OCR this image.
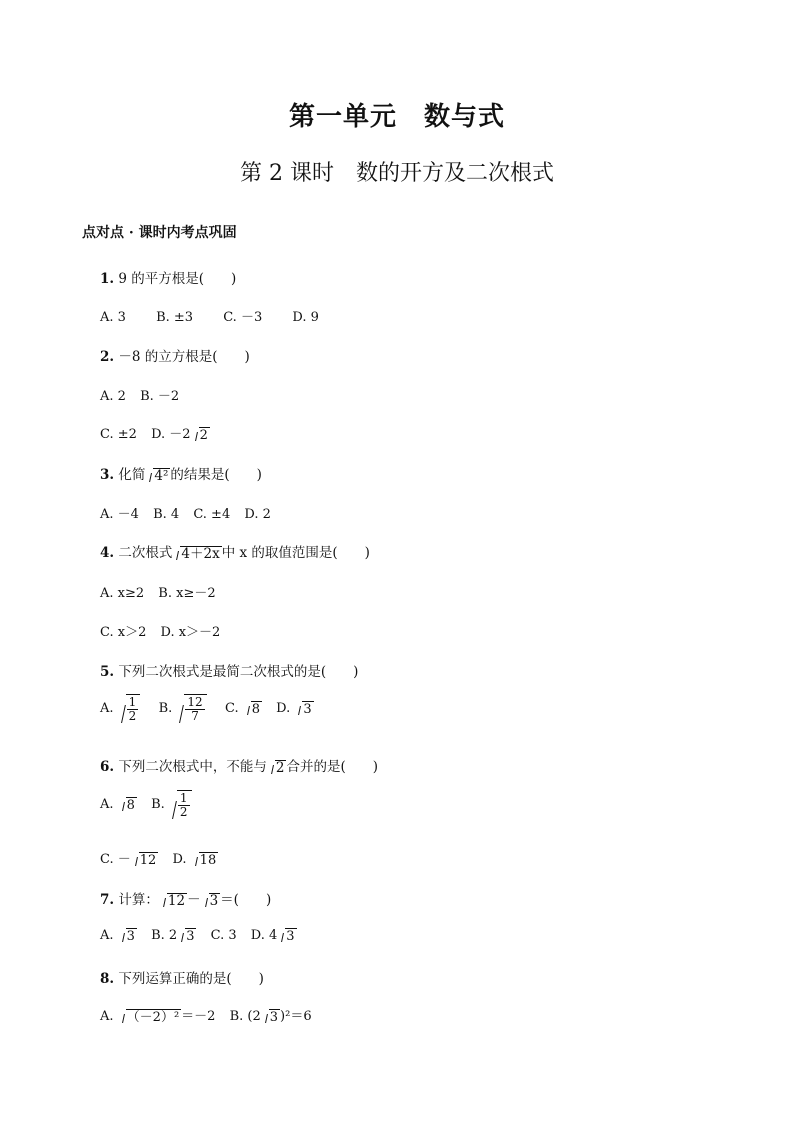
第一单元　数与式
第 2 课时　数的开方及二次根式
点对点 · 课时内考点巩固
1. 9 的平方根是(　　)
A. 3 B. ±3 C. －3 D. 9
2. －8 的立方根是(　　)
A. 2 B. －2
C. ±2 D. －2 2
3. 化简 4² 的结果是(　　)
A. －4 B. 4 C. ±4 D. 2
4. 二次根式 4＋2x 中 x 的取值范围是(　　)
A. x≥2 B. x≥－2
C. x＞2 D. x＞－2
5. 下列二次根式是最简二次根式的是(　　)
A. $\frac{1}{2} B$. $\frac{12}{7} C$. 8 D. 3
6. 下列二次根式中，不能与 2 合并的是(　　)
A. 8 B. $\frac{1}{2}$
C. － 12 D. 18
7. 计算： 12 － 3 ＝(　　)
A. 3 B. 2 3 C. 3 D. 4 3
8. 下列运算正确的是(　　)
A. （－2）² ＝－2 B. (2 3 )²＝6
